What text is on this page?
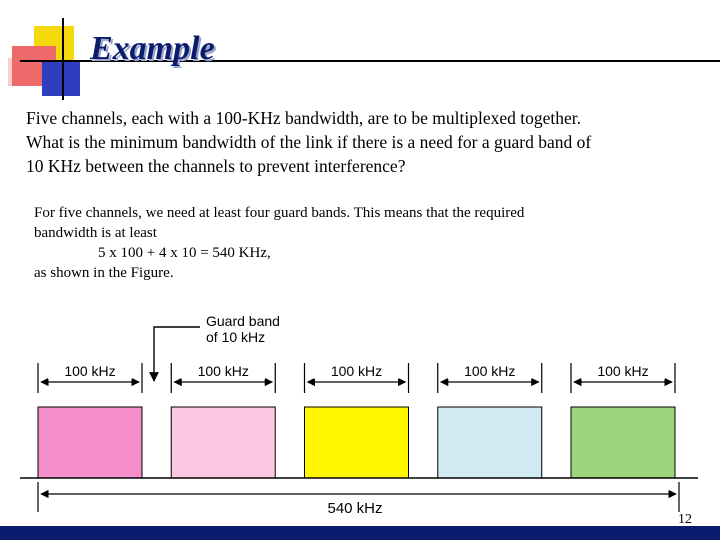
Example

Five channels, each with a 100-KHz bandwidth, are to be multiplexed together.

What is the minimum bandwidth of the link if there is a need for a guard band of

10 KHz between the channels to prevent interference?

For five channels, we need at least four guard bands. This means that the required

bandwidth is at least

5 x 100 + 4 x 10 = 540 KHz,

as shown in the Figure.

Guard band
of 10 kHz
100 kHz	100 kHz	100 kHz	100 kHz	100 kHz
540 kHz
12
